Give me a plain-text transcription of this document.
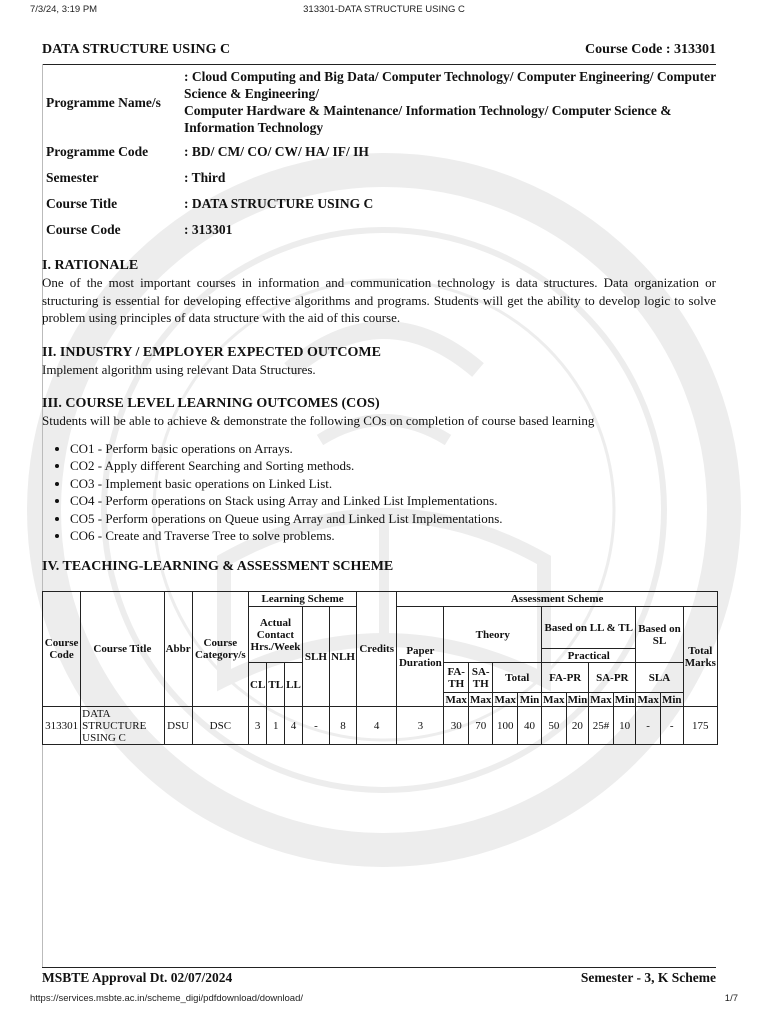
7/3/24, 3:19 PM	313301-DATA STRUCTURE USING C
DATA STRUCTURE USING C	Course Code : 313301
Programme Name/s	: Cloud Computing and Big Data/ Computer Technology/ Computer Engineering/ Computer Science & Engineering/
Computer Hardware & Maintenance/ Information Technology/ Computer Science & Information Technology

Programme Code	: BD/ CM/ CO/ CW/ HA/ IF/ IH
Semester	: Third
Course Title	: DATA STRUCTURE USING C
Course Code	: 313301
I. RATIONALE
One of the most important courses in information and communication technology is data structures. Data organization or structuring is essential for developing effective algorithms and programs. Students will get the ability to develop logic to solve problem using principles of data structure with the aid of this course.
II. INDUSTRY / EMPLOYER EXPECTED OUTCOME
Implement algorithm using relevant Data Structures.
III. COURSE LEVEL LEARNING OUTCOMES (COS)
Students will be able to achieve & demonstrate the following COs on completion of course based learning
• CO1 - Perform basic operations on Arrays.
• CO2 - Apply different Searching and Sorting methods.
• CO3 - Implement basic operations on Linked List.
• CO4 - Perform operations on Stack using Array and Linked List Implementations.
• CO5 - Perform operations on Queue using Array and Linked List Implementations.
• CO6 - Create and Traverse Tree to solve problems.
IV. TEACHING-LEARNING & ASSESSMENT SCHEME
Course Code	Course Title	Abbr	Course Category/s	Learning Scheme					Credits	Assessment Scheme											
				Actual Contact Hrs./Week			SLH	NLH		Paper Duration	Theory				Based on LL & TL				Based on SL		Total Marks
															Practical						
				CL	TL	LL					FA-TH	SA-TH	Total		FA-PR		SA-PR		SLA		
											Max	Max	Max	Min	Max	Min	Max	Min	Max	Min	

313301	DATA STRUCTURE USING C	DSU	DSC	3	1	4	-	8	4	3	30	70	100	40	50	20	25#	10	-	-	175
MSBTE Approval Dt. 02/07/2024	Semester - 3, K Scheme
https://services.msbte.ac.in/scheme_digi/pdfdownload/download/	1/7
